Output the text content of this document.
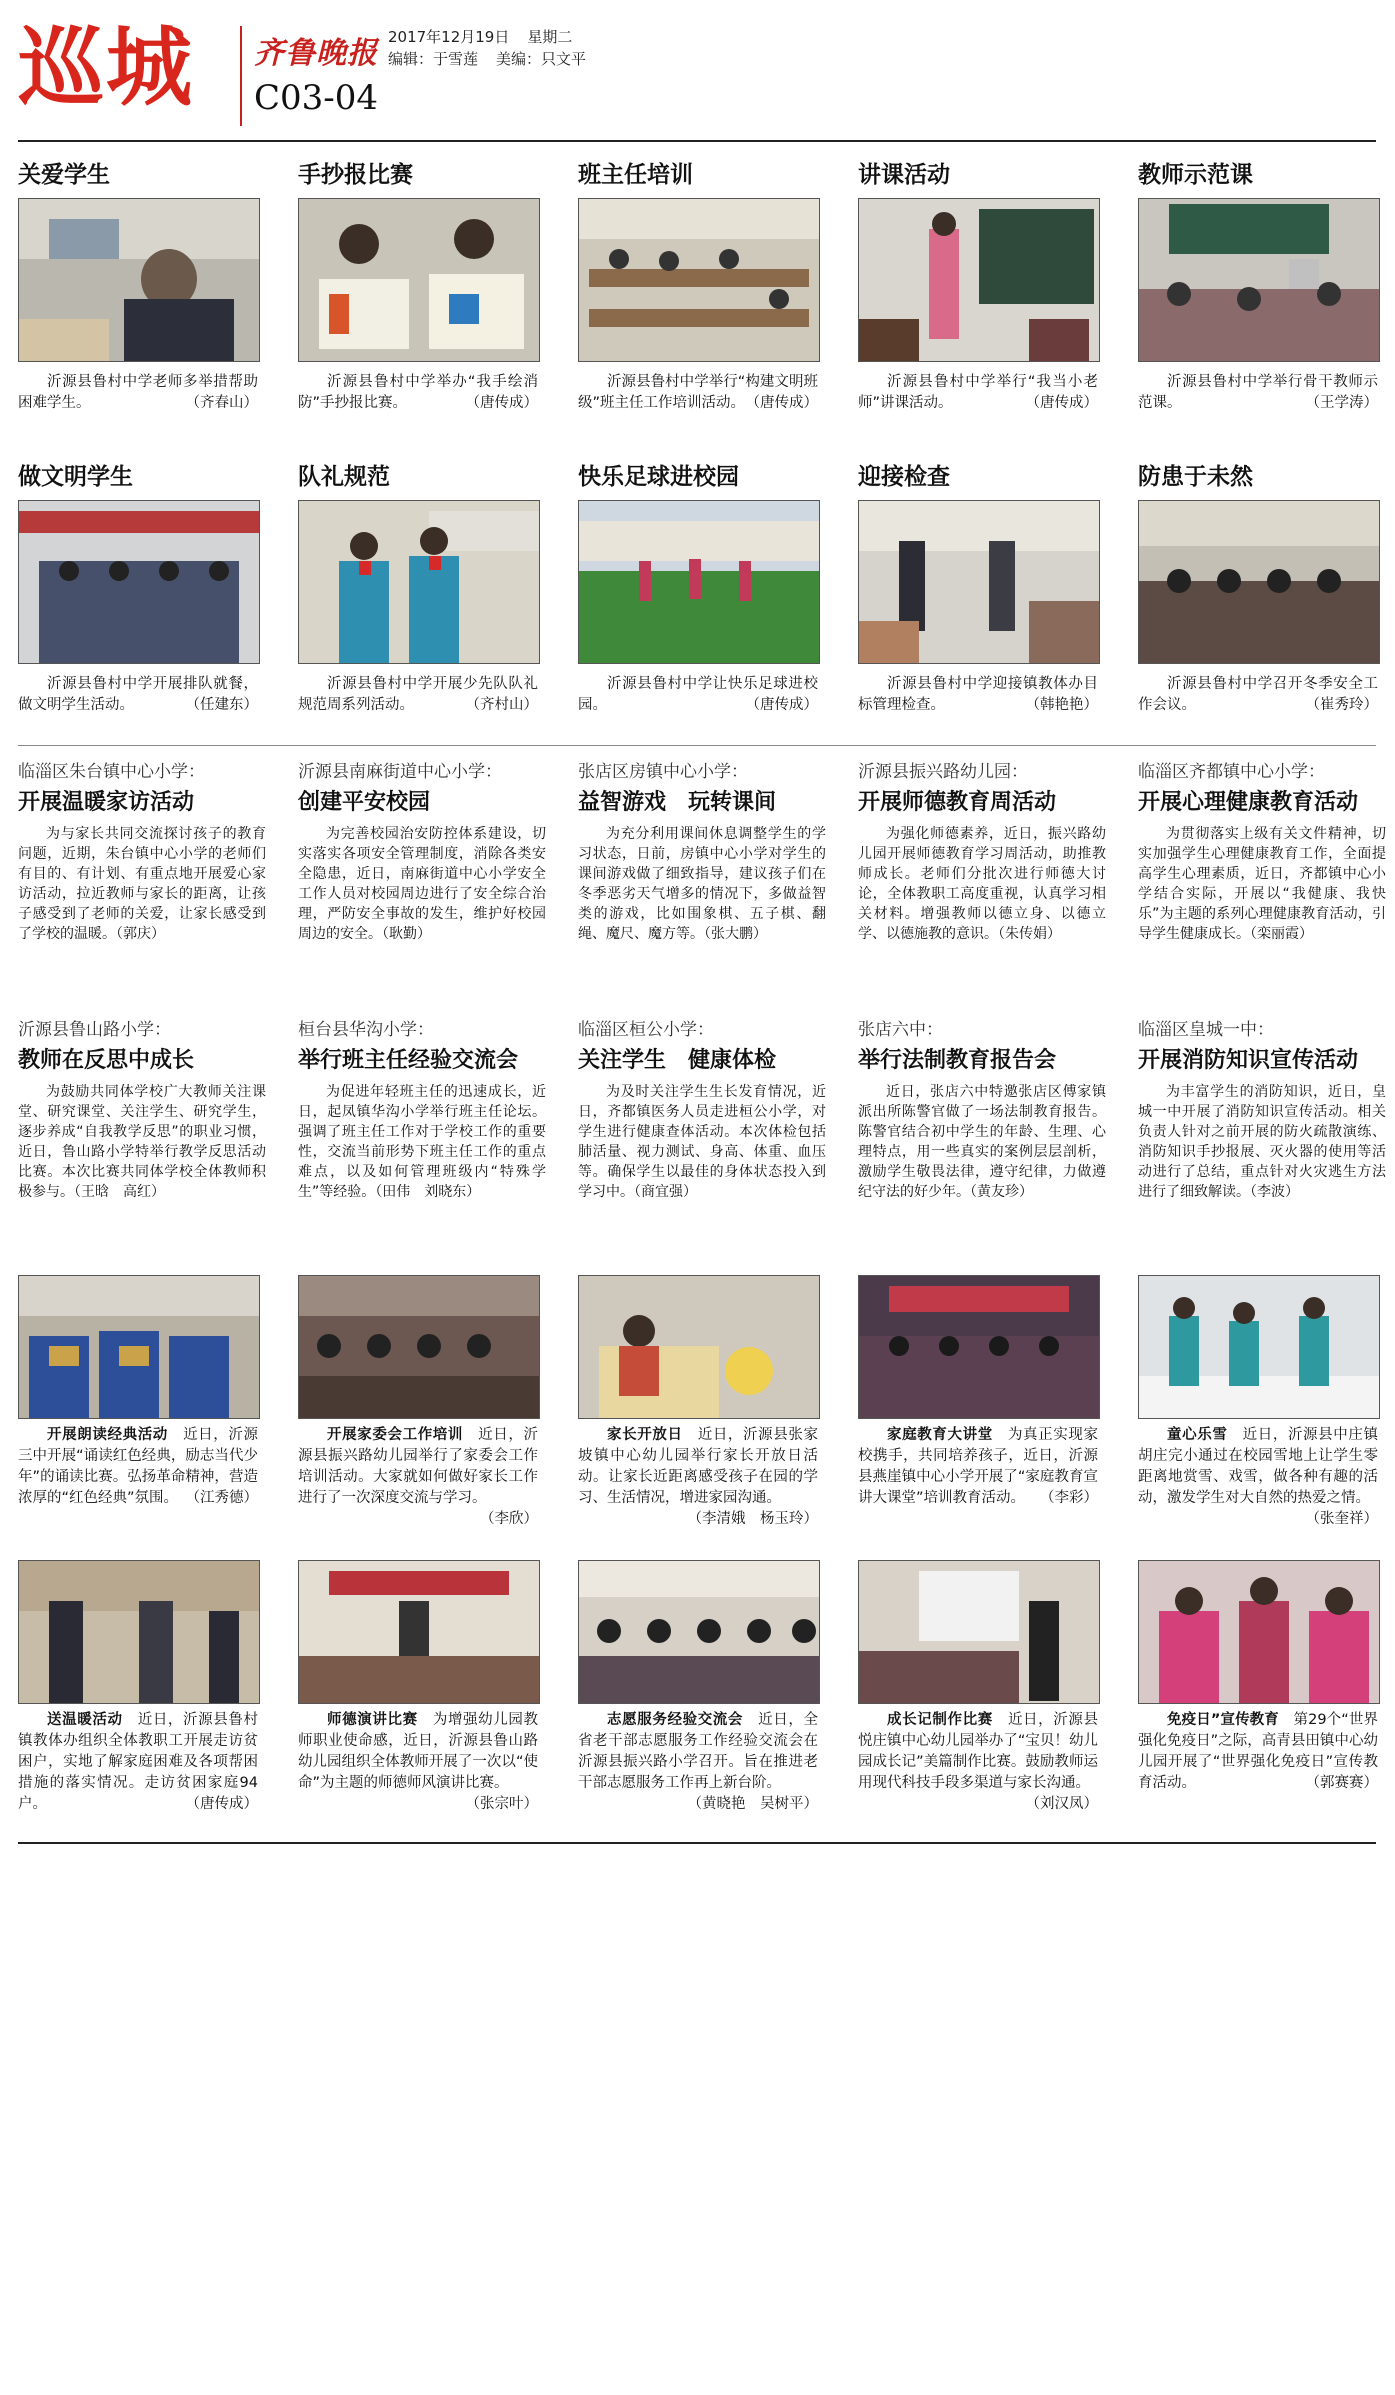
巡城 齐鲁晚报 2017年12月19日 星期二
编辑：于雪莲 美编：只文平
C03-04
关爱学生
沂源县鲁村中学老师多举措帮助困难学生。	（齐春山）
手抄报比赛
沂源县鲁村中学举办“我手绘消防”手抄报比赛。	（唐传成）
班主任培训
沂源县鲁村中学举行“构建文明班级”班主任工作培训活动。 （唐传成）
讲课活动
沂源县鲁村中学举行“我当小老师”讲课活动。	（唐传成）
教师示范课
沂源县鲁村中学举行骨干教师示范课。	（王学涛）
做文明学生
沂源县鲁村中学开展排队就餐，做文明学生活动。	（任建东）
队礼规范
沂源县鲁村中学开展少先队队礼规范周系列活动。	（齐村山）
快乐足球进校园
沂源县鲁村中学让快乐足球进校园。	（唐传成）
迎接检查
沂源县鲁村中学迎接镇教体办目标管理检查。	（韩艳艳）
防患于未然
沂源县鲁村中学召开冬季安全工作会议。	（崔秀玲）
临淄区朱台镇中心小学：
开展温暖家访活动

为与家长共同交流探讨孩子的教育问题，近期，朱台镇中心小学的老师们有目的、有计划、有重点地开展爱心家访活动，拉近教师与家长的距离，让孩子感受到了老师的关爱，让家长感受到了学校的温暖。（郭庆）

沂源县南麻街道中心小学：
创建平安校园

为完善校园治安防控体系建设，切实落实各项安全管理制度，消除各类安全隐患，近日，南麻街道中心小学安全工作人员对校园周边进行了安全综合治理，严防安全事故的发生，维护好校园周边的安全。（耿勤）

张店区房镇中心小学：
益智游戏　玩转课间

为充分利用课间休息调整学生的学习状态，日前，房镇中心小学对学生的课间游戏做了细致指导，建议孩子们在冬季恶劣天气增多的情况下，多做益智类的游戏，比如围象棋、五子棋、翻绳、魔尺、魔方等。（张大鹏）

沂源县振兴路幼儿园：
开展师德教育周活动

为强化师德素养，近日，振兴路幼儿园开展师德教育学习周活动，助推教师成长。老师们分批次进行师德大讨论，全体教职工高度重视，认真学习相关材料。增强教师以德立身、以德立学、以德施教的意识。（朱传娟）

临淄区齐都镇中心小学：
开展心理健康教育活动

为贯彻落实上级有关文件精神，切实加强学生心理健康教育工作，全面提高学生心理素质，近日，齐都镇中心小学结合实际，开展以“我健康、我快乐”为主题的系列心理健康教育活动，引导学生健康成长。（栾丽霞）

沂源县鲁山路小学：
教师在反思中成长

为鼓励共同体学校广大教师关注课堂、研究课堂、关注学生、研究学生，逐步养成“自我教学反思”的职业习惯，近日，鲁山路小学特举行教学反思活动比赛。本次比赛共同体学校全体教师积极参与。（王晗　高红）

桓台县华沟小学：
举行班主任经验交流会

为促进年轻班主任的迅速成长，近日，起凤镇华沟小学举行班主任论坛。强调了班主任工作对于学校工作的重要性，交流当前形势下班主任工作的重点难点，以及如何管理班级内“特殊学生”等经验。（田伟　刘晓东）

临淄区桓公小学：
关注学生　健康体检

为及时关注学生生长发育情况，近日，齐都镇医务人员走进桓公小学，对学生进行健康查体活动。本次体检包括肺活量、视力测试、身高、体重、血压等。确保学生以最佳的身体状态投入到学习中。（商宜强）

张店六中：
举行法制教育报告会

近日，张店六中特邀张店区傅家镇派出所陈警官做了一场法制教育报告。陈警官结合初中学生的年龄、生理、心理特点，用一些真实的案例层层剖析，激励学生敬畏法律，遵守纪律，力做遵纪守法的好少年。（黄友珍）

临淄区皇城一中：
开展消防知识宣传活动

为丰富学生的消防知识，近日，皇城一中开展了消防知识宣传活动。相关负责人针对之前开展的防火疏散演练、消防知识手抄报展、灭火器的使用等活动进行了总结，重点针对火灾逃生方法进行了细致解读。（李波）

开展朗读经典活动　 近日，沂源三中开展“诵读红色经典，励志当代少年”的诵读比赛。弘扬革命精神，营造浓厚的“红色经典”氛围。 （江秀德）
开展家委会工作培训　 近日，沂源县振兴路幼儿园举行了家委会工作培训活动。大家就如何做好家长工作进行了一次深度交流与学习。
（李欣）
家长开放日　 近日，沂源县张家坡镇中心幼儿园举行家长开放日活动。让家长近距离感受孩子在园的学习、生活情况，增进家园沟通。
（李清娥　杨玉玲）
家庭教育大讲堂　 为真正实现家校携手，共同培养孩子，近日，沂源县燕崖镇中心小学开展了“家庭教育宣讲大课堂”培训教育活动。 （李彩）
童心乐雪　 近日，沂源县中庄镇胡庄完小通过在校园雪地上让学生零距离地赏雪、戏雪，做各种有趣的活动，激发学生对大自然的热爱之情。
（张奎祥）
送温暖活动　 近日，沂源县鲁村镇教体办组织全体教职工开展走访贫困户，实地了解家庭困难及各项帮困措施的落实情况。走访贫困家庭94户。	（唐传成）
师德演讲比赛　 为增强幼儿园教师职业使命感，近日，沂源县鲁山路幼儿园组织全体教师开展了一次以“使命”为主题的师德师风演讲比赛。
（张宗叶）
志愿服务经验交流会　 近日，全省老干部志愿服务工作经验交流会在沂源县振兴路小学召开。旨在推进老干部志愿服务工作再上新台阶。
（黄晓艳　吴树平）
成长记制作比赛　 近日，沂源县悦庄镇中心幼儿园举办了“宝贝！幼儿园成长记”美篇制作比赛。鼓励教师运用现代科技手段多渠道与家长沟通。
（刘汉凤）
免疫日”宣传教育　 第29个“世界强化免疫日”之际，高青县田镇中心幼儿园开展了“世界强化免疫日”宣传教育活动。	（郭赛赛）
